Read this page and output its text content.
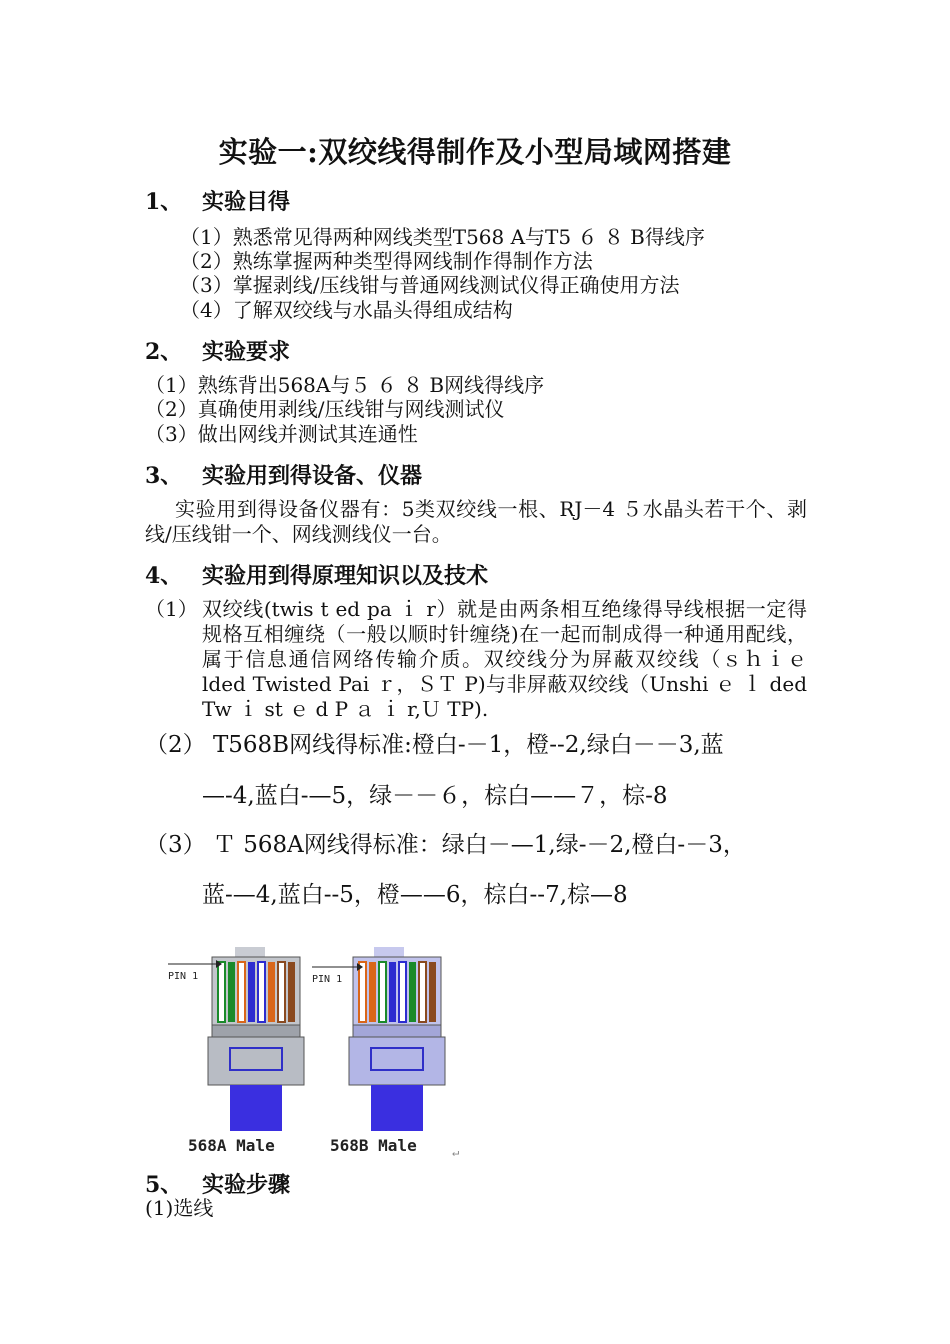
实验一:双绞线得制作及小型局域网搭建
1、 实验目得
（1）熟悉常见得两种网线类型T568 A与T5 ６ ８ B得线序
（2）熟练掌握两种类型得网线制作得制作方法
（3）掌握剥线/压线钳与普通网线测试仪得正确使用方法
（4）了解双绞线与水晶头得组成结构
2、 实验要求
（1）熟练背出568A与５ ６ ８ B网线得线序
（2）真确使用剥线/压线钳与网线测试仪
（3）做出网线并测试其连通性
3、 实验用到得设备、仪器
实验用到得设备仪器有：5类双绞线一根、RJ－4 ５水晶头若干个、剥线/压线钳一个、网线测线仪一台。
4、 实验用到得原理知识以及技术
（1） 双绞线(twis t ed pa ｉ r）就是由两条相互绝缘得导线根据一定得规格互相缠绕（一般以顺时针缠绕)在一起而制成得一种通用配线，属于信息通信网络传输介质。双绞线分为屏蔽双绞线（ｓｈｉｅ lded Twisted Pai ｒ，ＳＴ P)与非屏蔽双绞线（Unshi ｅ ｌ ded Tw ｉ st ｅ d P ａ ｉ r,Ｕ TP).
（2） T568B网线得标准:橙白-－1，橙--2,绿白－－3,蓝
—-4,蓝白-—5，绿－－６，棕白——７，棕-8
（3） Ｔ 568A网线得标准：绿白－—1,绿-－2,橙白-－3，
蓝-—4,蓝白--5，橙——6，棕白--7,棕—8
PIN 1
568A Male
PIN 1
568B Male	↵
5、 实验步骤
(1)选线
